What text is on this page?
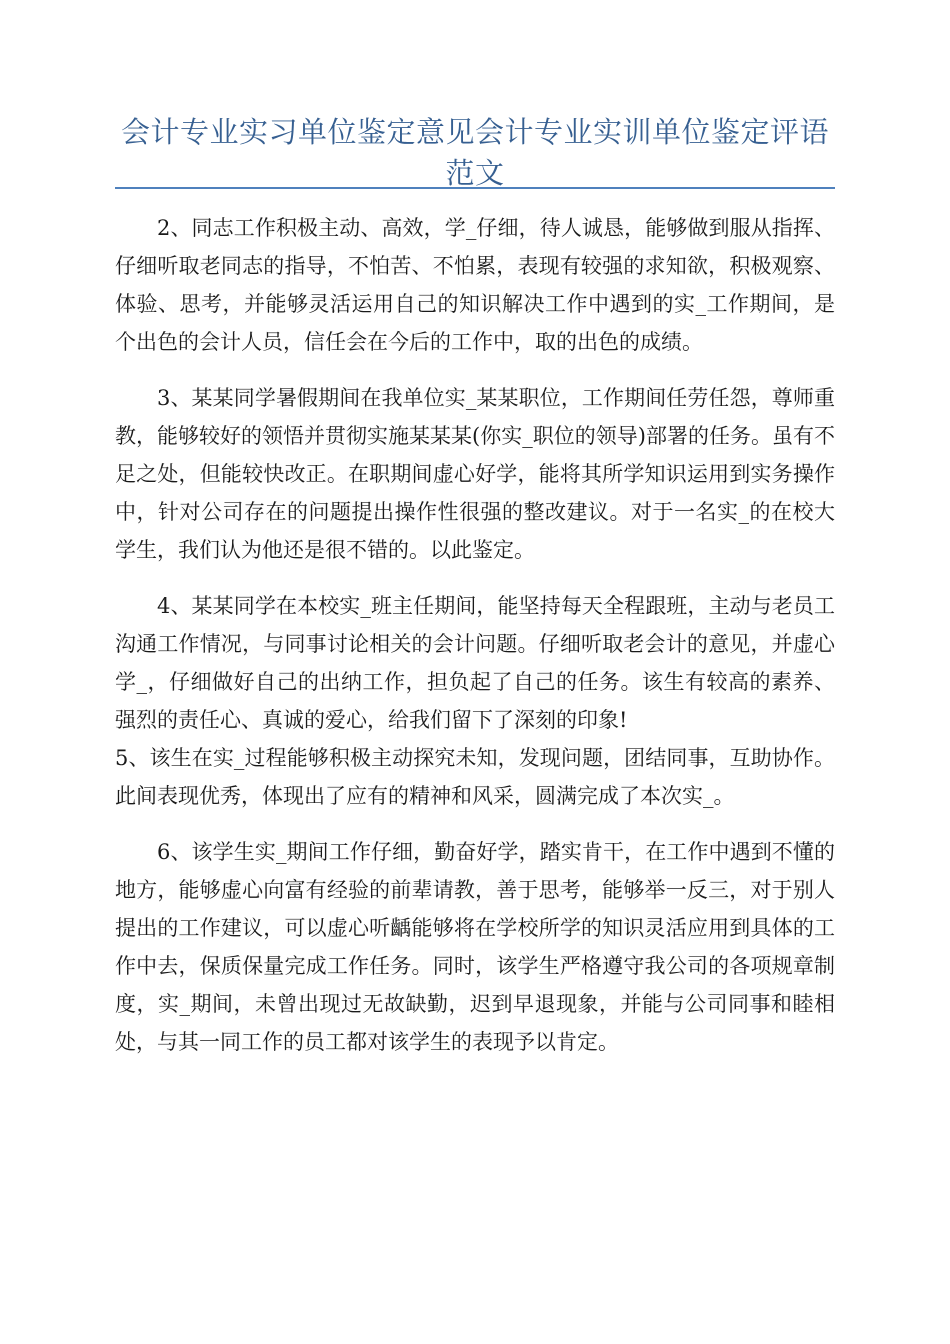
会计专业实习单位鉴定意见会计专业实训单位鉴定评语范文

2、同志工作积极主动、高效，学_仔细，待人诚恳，能够做到服从指挥、仔细听取老同志的指导，不怕苦、不怕累，表现有较强的求知欲，积极观察、体验、思考，并能够灵活运用自己的知识解决工作中遇到的实_工作期间，是个出色的会计人员，信任会在今后的工作中，取的出色的成绩。

3、某某同学暑假期间在我单位实_某某职位，工作期间任劳任怨，尊师重教，能够较好的领悟并贯彻实施某某某(你实_职位的领导)部署的任务。虽有不足之处，但能较快改正。在职期间虚心好学，能将其所学知识运用到实务操作中，针对公司存在的问题提出操作性很强的整改建议。对于一名实_的在校大学生，我们认为他还是很不错的。以此鉴定。

4、某某同学在本校实_班主任期间，能坚持每天全程跟班，主动与老员工沟通工作情况，与同事讨论相关的会计问题。仔细听取老会计的意见，并虚心学_，仔细做好自己的出纳工作，担负起了自己的任务。该生有较高的素养、强烈的责任心、真诚的爱心，给我们留下了深刻的印象!

5、该生在实_过程能够积极主动探究未知，发现问题，团结同事，互助协作。此间表现优秀，体现出了应有的精神和风采，圆满完成了本次实_。

6、该学生实_期间工作仔细，勤奋好学，踏实肯干，在工作中遇到不懂的地方，能够虚心向富有经验的前辈请教，善于思考，能够举一反三，对于别人提出的工作建议，可以虚心听齲能够将在学校所学的知识灵活应用到具体的工作中去，保质保量完成工作任务。同时，该学生严格遵守我公司的各项规章制度，实_期间，未曾出现过无故缺勤，迟到早退现象，并能与公司同事和睦相处，与其一同工作的员工都对该学生的表现予以肯定。
